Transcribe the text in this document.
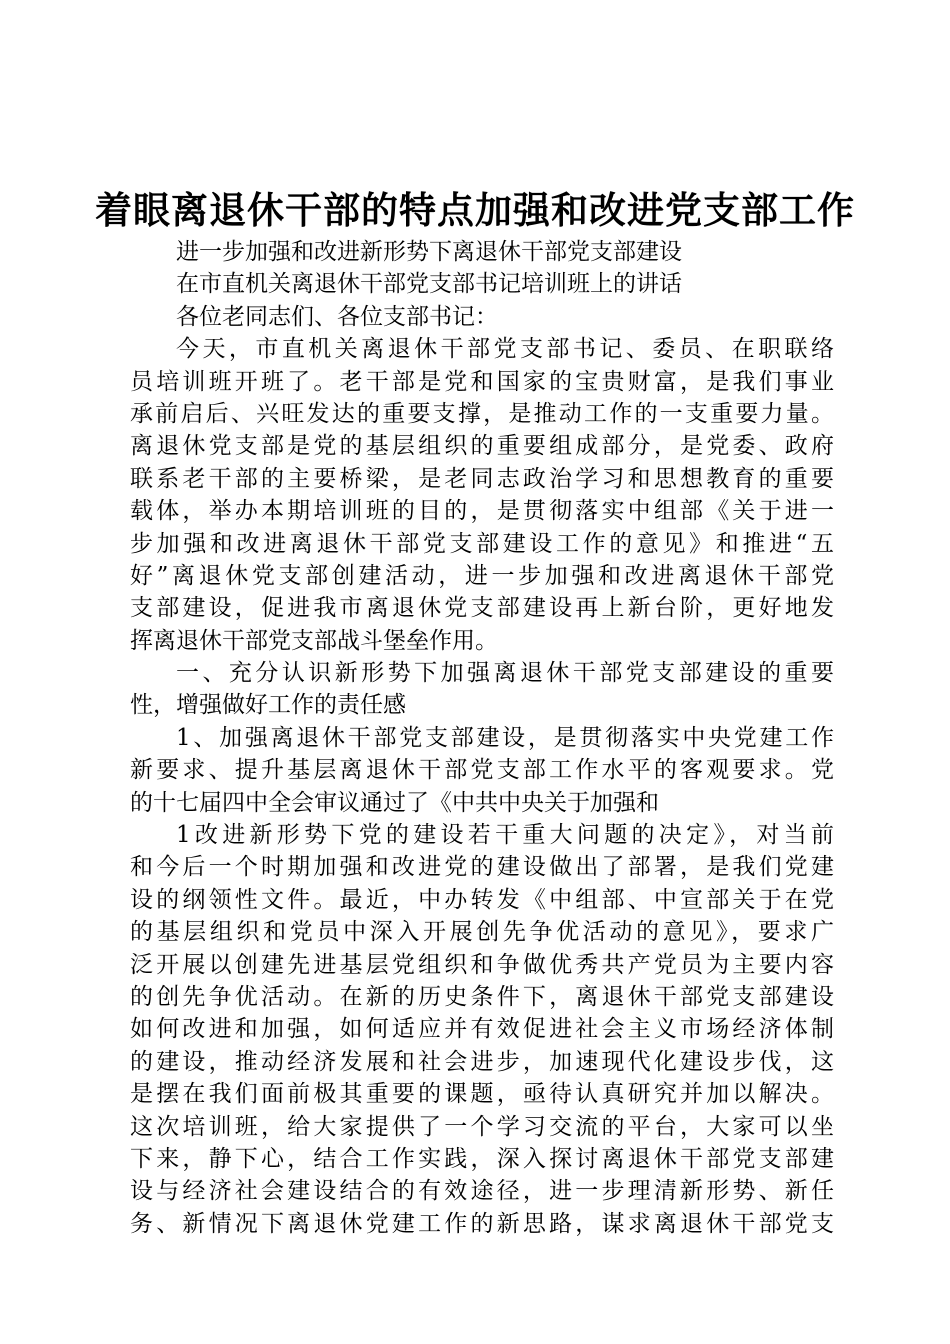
着眼离退休干部的特点加强和改进党支部工作
进一步加强和改进新形势下离退休干部党支部建设
在市直机关离退休干部党支部书记培训班上的讲话
各位老同志们、各位支部书记：
今天，市直机关离退休干部党支部书记、委员、在职联络
员培训班开班了。老干部是党和国家的宝贵财富，是我们事业
承前启后、兴旺发达的重要支撑，是推动工作的一支重要力量。
离退休党支部是党的基层组织的重要组成部分，是党委、政府
联系老干部的主要桥梁，是老同志政治学习和思想教育的重要
载体，举办本期培训班的目的，是贯彻落实中组部《关于进一
步加强和改进离退休干部党支部建设工作的意见》和推进“五
好”离退休党支部创建活动，进一步加强和改进离退休干部党
支部建设，促进我市离退休党支部建设再上新台阶，更好地发
挥离退休干部党支部战斗堡垒作用。
一、充分认识新形势下加强离退休干部党支部建设的重要
性，增强做好工作的责任感
1、加强离退休干部党支部建设，是贯彻落实中央党建工作
新要求、提升基层离退休干部党支部工作水平的客观要求。党
的十七届四中全会审议通过了《中共中央关于加强和
1改进新形势下党的建设若干重大问题的决定》，对当前
和今后一个时期加强和改进党的建设做出了部署，是我们党建
设的纲领性文件。最近，中办转发《中组部、中宣部关于在党
的基层组织和党员中深入开展创先争优活动的意见》，要求广
泛开展以创建先进基层党组织和争做优秀共产党员为主要内容
的创先争优活动。在新的历史条件下，离退休干部党支部建设
如何改进和加强，如何适应并有效促进社会主义市场经济体制
的建设，推动经济发展和社会进步，加速现代化建设步伐，这
是摆在我们面前极其重要的课题，亟待认真研究并加以解决。
这次培训班，给大家提供了一个学习交流的平台，大家可以坐
下来，静下心，结合工作实践，深入探讨离退休干部党支部建
设与经济社会建设结合的有效途径，进一步理清新形势、新任
务、新情况下离退休党建工作的新思路，谋求离退休干部党支
